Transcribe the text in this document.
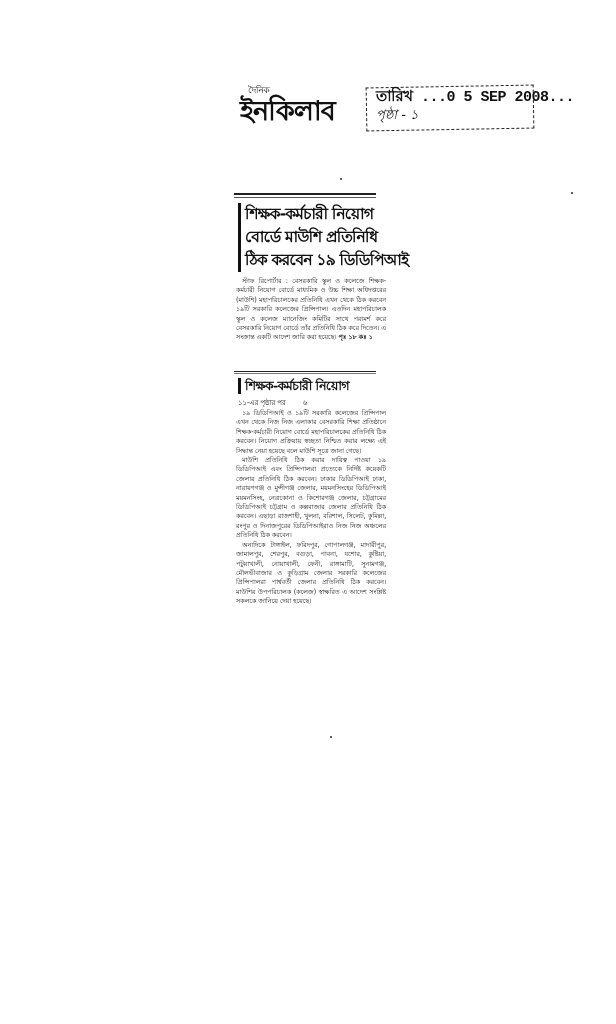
দৈনিক
ইনকিলাব	তারিখ ...0 5 SEP 2008...
পৃষ্ঠা - ১
শিক্ষক-কর্মচারী নিয়োগ
বোর্ডে মাউশি প্রতিনিধি
ঠিক করবেন ১৯ ডিডিপিআই

স্টাফ রিপোর্টার : বেসরকারি স্কুল ও কলেজে শিক্ষক-কর্মচারী নিয়োগ বোর্ডে মাধ্যমিক ও উচ্চ শিক্ষা অধিদপ্তরের (মাউশি) মহাপরিচালকের প্রতিনিধি এখন থেকে ঠিক করবেন ১৯টি সরকারি কলেজের প্রিন্সিপাল। এতদিন মহাপরিচালক স্কুল ও কলেজ ম্যানেজিং কমিটির সাথে পরামর্শ করে বেসরকারি নিয়োগ বোর্ডে তাঁর প্রতিনিধি ঠিক করে দিতেন। এ সংক্রান্ত একটি আদেশ জারি করা হয়েছে। পৃঃ ১৮ কঃ ১

শিক্ষক-কর্মচারী নিয়োগ
১১-এর পৃষ্ঠার পর	৬

১৯ ডিডিপিআই ও ১৯টি সরকারি কলেজের প্রিন্সিপাল এখন থেকে নিজ নিজ এলাকার বেসরকারি শিক্ষা প্রতিষ্ঠানে শিক্ষক-কর্মচারী নিয়োগ বোর্ডে মহাপরিচালকের প্রতিনিধি ঠিক করবেন। নিয়োগ প্রক্রিয়ায় স্বচ্ছতা নিশ্চিত করার লক্ষ্যে এই সিদ্ধান্ত নেয়া হয়েছে বলে মাউশি সূত্রে জানা গেছে।

মাউশি প্রতিনিধি ঠিক করার দায়িত্ব পাওয়া ১৯ ডিডিপিআই এবং প্রিন্সিপালরা প্রত্যেকে নির্দিষ্ট কয়েকটি জেলার প্রতিনিধি ঠিক করবেন। ঢাকার ডিডিপিআই ঢাকা, নারায়ণগঞ্জ ও মুন্সীগঞ্জ জেলার, ময়মনসিংহের ডিডিপিআই ময়মনসিংহ, নেত্রকোনা ও কিশোরগঞ্জ জেলার, চট্টগ্রামের ডিডিপিআই চট্টগ্রাম ও কক্সবাজার জেলার প্রতিনিধি ঠিক করবেন। এছাড়া রাজশাহী, খুলনা, বরিশাল, সিলেট, কুমিল্লা, রংপুর ও দিনাজপুরের ডিডিপিআইরাও নিজ নিজ অঞ্চলের প্রতিনিধি ঠিক করবেন।

অন্যদিকে টাঙ্গাইল, ফরিদপুর, গোপালগঞ্জ, মাদারীপুর, জামালপুর, শেরপুর, বগুড়া, পাবনা, যশোর, কুষ্টিয়া, পটুয়াখালী, নোয়াখালী, ফেনী, রাঙ্গামাটি, সুনামগঞ্জ, মৌলভীবাজার ও কুড়িগ্রাম জেলার সরকারি কলেজের প্রিন্সিপালরা পার্শ্ববর্তী জেলার প্রতিনিধি ঠিক করবেন। মাউশির উপপরিচালক (কলেজ) স্বাক্ষরিত এ আদেশ সংশ্লিষ্ট সকলকে জানিয়ে দেয়া হয়েছে।
